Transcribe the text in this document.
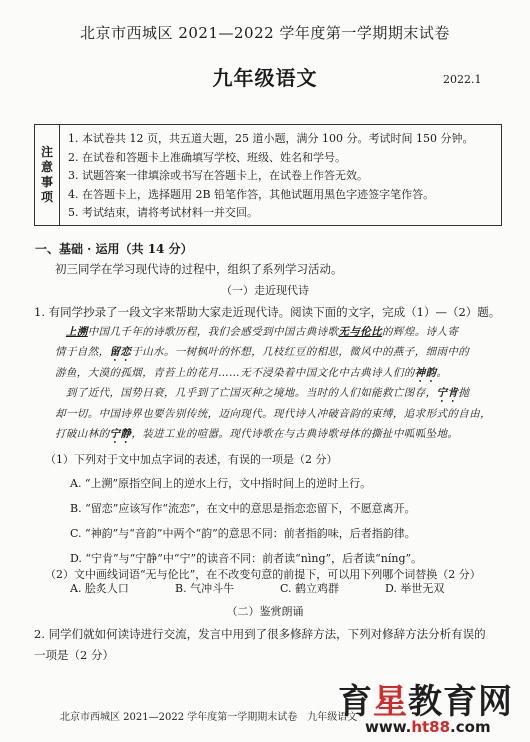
北京市西城区 2021—2022 学年度第一学期期末试卷
九年级语文	2022.1
注
意
事
项
1. 本试卷共 12 页，共五道大题，25 道小题，满分 100 分。考试时间 150 分钟。
2. 在试卷和答题卡上准确填写学校、班级、姓名和学号。
3. 试题答案一律填涂或书写在答题卡上，在试卷上作答无效。
4. 在答题卡上，选择题用 2B 铅笔作答，其他试题用黑色字迹签字笔作答。
5. 考试结束，请将考试材料一并交回。
一、基础 · 运用（共 14 分）
初三同学在学习现代诗的过程中，组织了系列学习活动。
（一）走近现代诗
1. 有同学抄录了一段文字来帮助大家走近现代诗。阅读下面的文字，完成（1）—（2）题。
　上溯中国几千年的诗歌历程，我们会感受到中国古典诗歌无与伦比的辉煌。诗人寄
情于自然，留恋于山水。一树枫叶的怀想，几枝红豆的相思，微风中的燕子，细雨中的
游鱼，大漠的孤烟，青苔上的花月……无不浸染着中国文化中古典诗人们的神韵。
　到了近代，国势日衰，几乎到了亡国灭种之境地。当时的人们如能救亡图存，宁肯抛
却一切。中国诗界也要告别传统，迈向现代。现代诗人冲破音韵的束缚，追求形式的自由，
打破山林的宁静，装进工业的喧嚣。现代诗歌在与古典诗歌母体的撕扯中呱呱坠地。
（1）下列对于文中加点字词的表述，有误的一项是（2 分）
A. “上溯”原指空间上的逆水上行，文中指时间上的逆时上行。
B. “留恋”应该写作“流恋”，在文中的意思是指恋恋留下，不愿意离开。
C. “神韵”与“音韵”中两个“韵”的意思不同：前者指韵味，后者指韵律。
D. “宁肯”与“宁静”中“宁”的读音不同：前者读“nìng”，后者读“níng”。
（2）文中画线词语“无与伦比”，在不改变句意的前提下，可以用下列哪个词替换（2 分）
A. 脍炙人口	B. 气冲斗牛	C. 鹤立鸡群	D. 举世无双
（二）鉴赏朗诵
2. 同学们就如何读诗进行交流，发言中用到了很多修辞方法，下列对修辞方法分析有误的
一项是（2 分）
北京市西城区 2021—2022 学年度第一学期期末试卷　九年级语文
育星教育网
www.ht88.com
